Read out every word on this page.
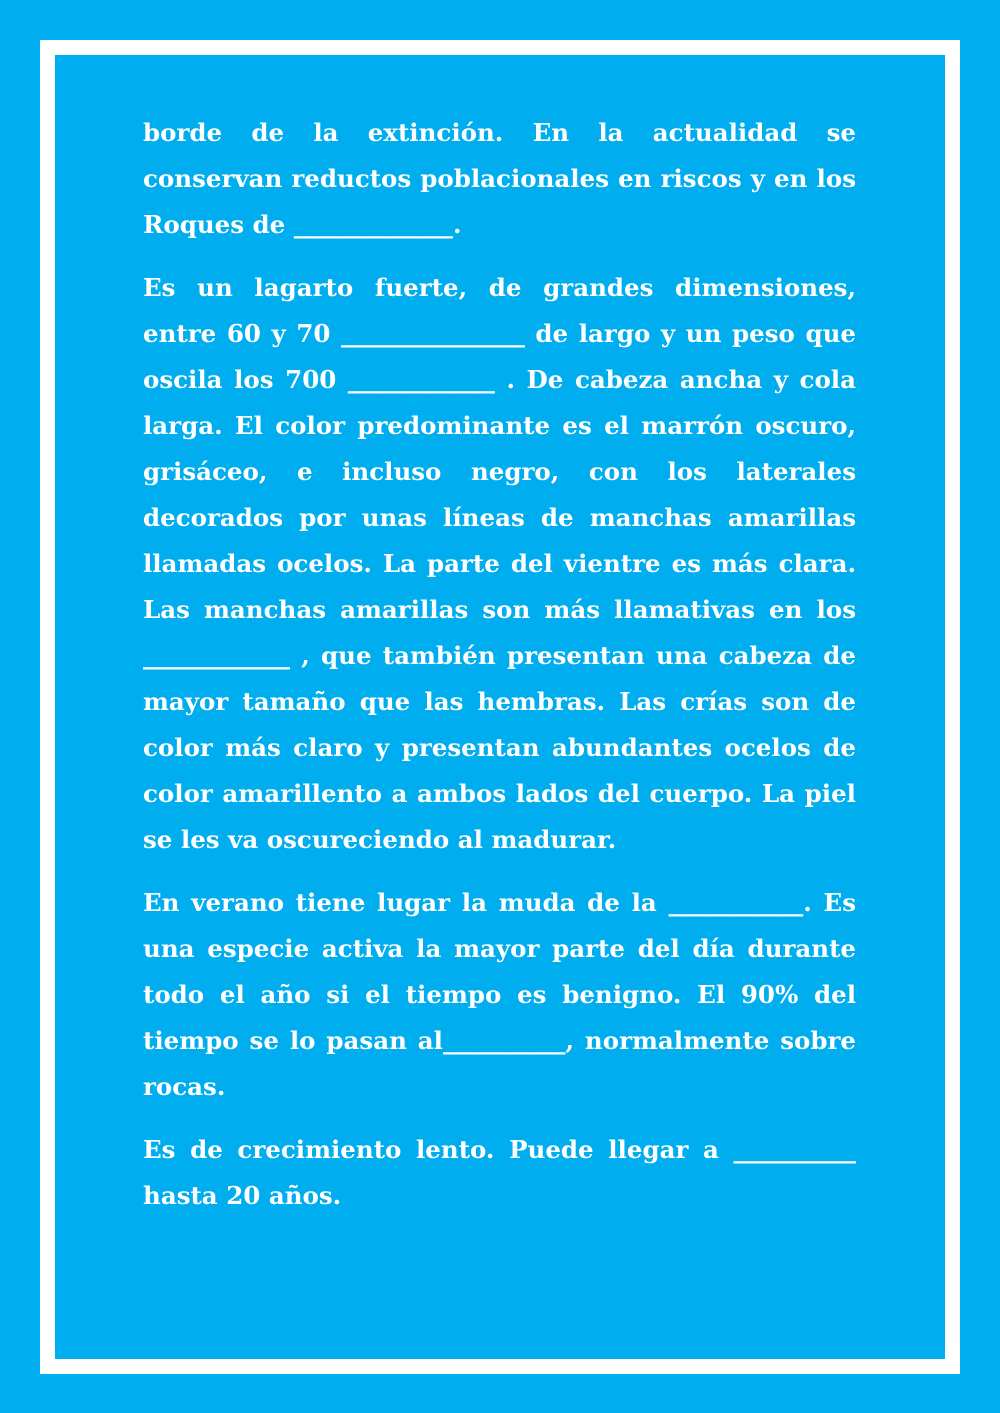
borde de la extinción. En la actualidad se conservan reductos poblacionales en riscos y en los Roques de _____________.

Es un lagarto fuerte, de grandes dimensiones, entre 60 y 70 _______________ de largo y un peso que oscila los 700 ____________ . De cabeza ancha y cola larga. El color predominante es el marrón oscuro, grisáceo, e incluso negro, con los laterales decorados por unas líneas de manchas amarillas llamadas ocelos. La parte del vientre es más clara. Las manchas amarillas son más llamativas en los ____________ , que también presentan una cabeza de mayor tamaño que las hembras. Las crías son de color más claro y presentan abundantes ocelos de color amarillento a ambos lados del cuerpo. La piel se les va oscureciendo al madurar.

En verano tiene lugar la muda de la ___________. Es una especie activa la mayor parte del día durante todo el año si el tiempo es benigno. El 90% del tiempo se lo pasan al__________, normalmente sobre rocas.

Es de crecimiento lento. Puede llegar a __________ hasta 20 años.
